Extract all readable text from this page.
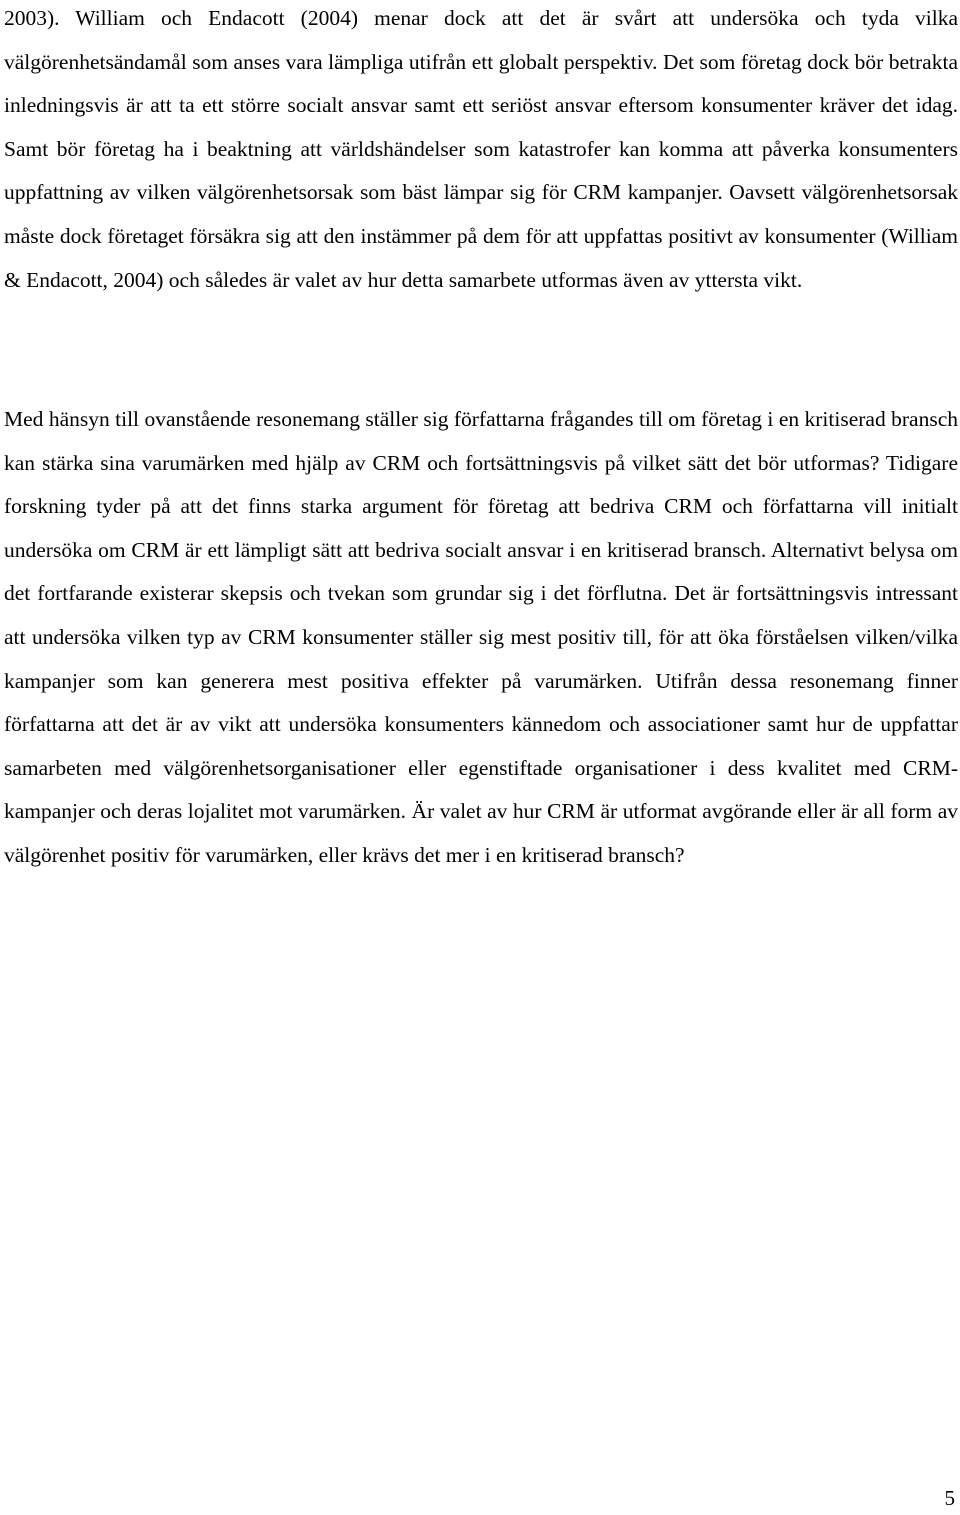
2003). William och Endacott (2004) menar dock att det är svårt att undersöka och tyda vilka välgörenhetsändamål som anses vara lämpliga utifrån ett globalt perspektiv. Det som företag dock bör betrakta inledningsvis är att ta ett större socialt ansvar samt ett seriöst ansvar eftersom konsumenter kräver det idag. Samt bör företag ha i beaktning att världshändelser som katastrofer kan komma att påverka konsumenters uppfattning av vilken välgörenhetsorsak som bäst lämpar sig för CRM kampanjer. Oavsett välgörenhetsorsak måste dock företaget försäkra sig att den instämmer på dem för att uppfattas positivt av konsumenter (William & Endacott, 2004) och således är valet av hur detta samarbete utformas även av yttersta vikt.

Med hänsyn till ovanstående resonemang ställer sig författarna frågandes till om företag i en kritiserad bransch kan stärka sina varumärken med hjälp av CRM och fortsättningsvis på vilket sätt det bör utformas? Tidigare forskning tyder på att det finns starka argument för företag att bedriva CRM och författarna vill initialt undersöka om CRM är ett lämpligt sätt att bedriva socialt ansvar i en kritiserad bransch. Alternativt belysa om det fortfarande existerar skepsis och tvekan som grundar sig i det förflutna. Det är fortsättningsvis intressant att undersöka vilken typ av CRM konsumenter ställer sig mest positiv till, för att öka förståelsen vilken/vilka kampanjer som kan generera mest positiva effekter på varumärken. Utifrån dessa resonemang finner författarna att det är av vikt att undersöka konsumenters kännedom och associationer samt hur de uppfattar samarbeten med välgörenhetsorganisationer eller egenstiftade organisationer i dess kvalitet med CRM-kampanjer och deras lojalitet mot varumärken. Är valet av hur CRM är utformat avgörande eller är all form av välgörenhet positiv för varumärken, eller krävs det mer i en kritiserad bransch?

5
